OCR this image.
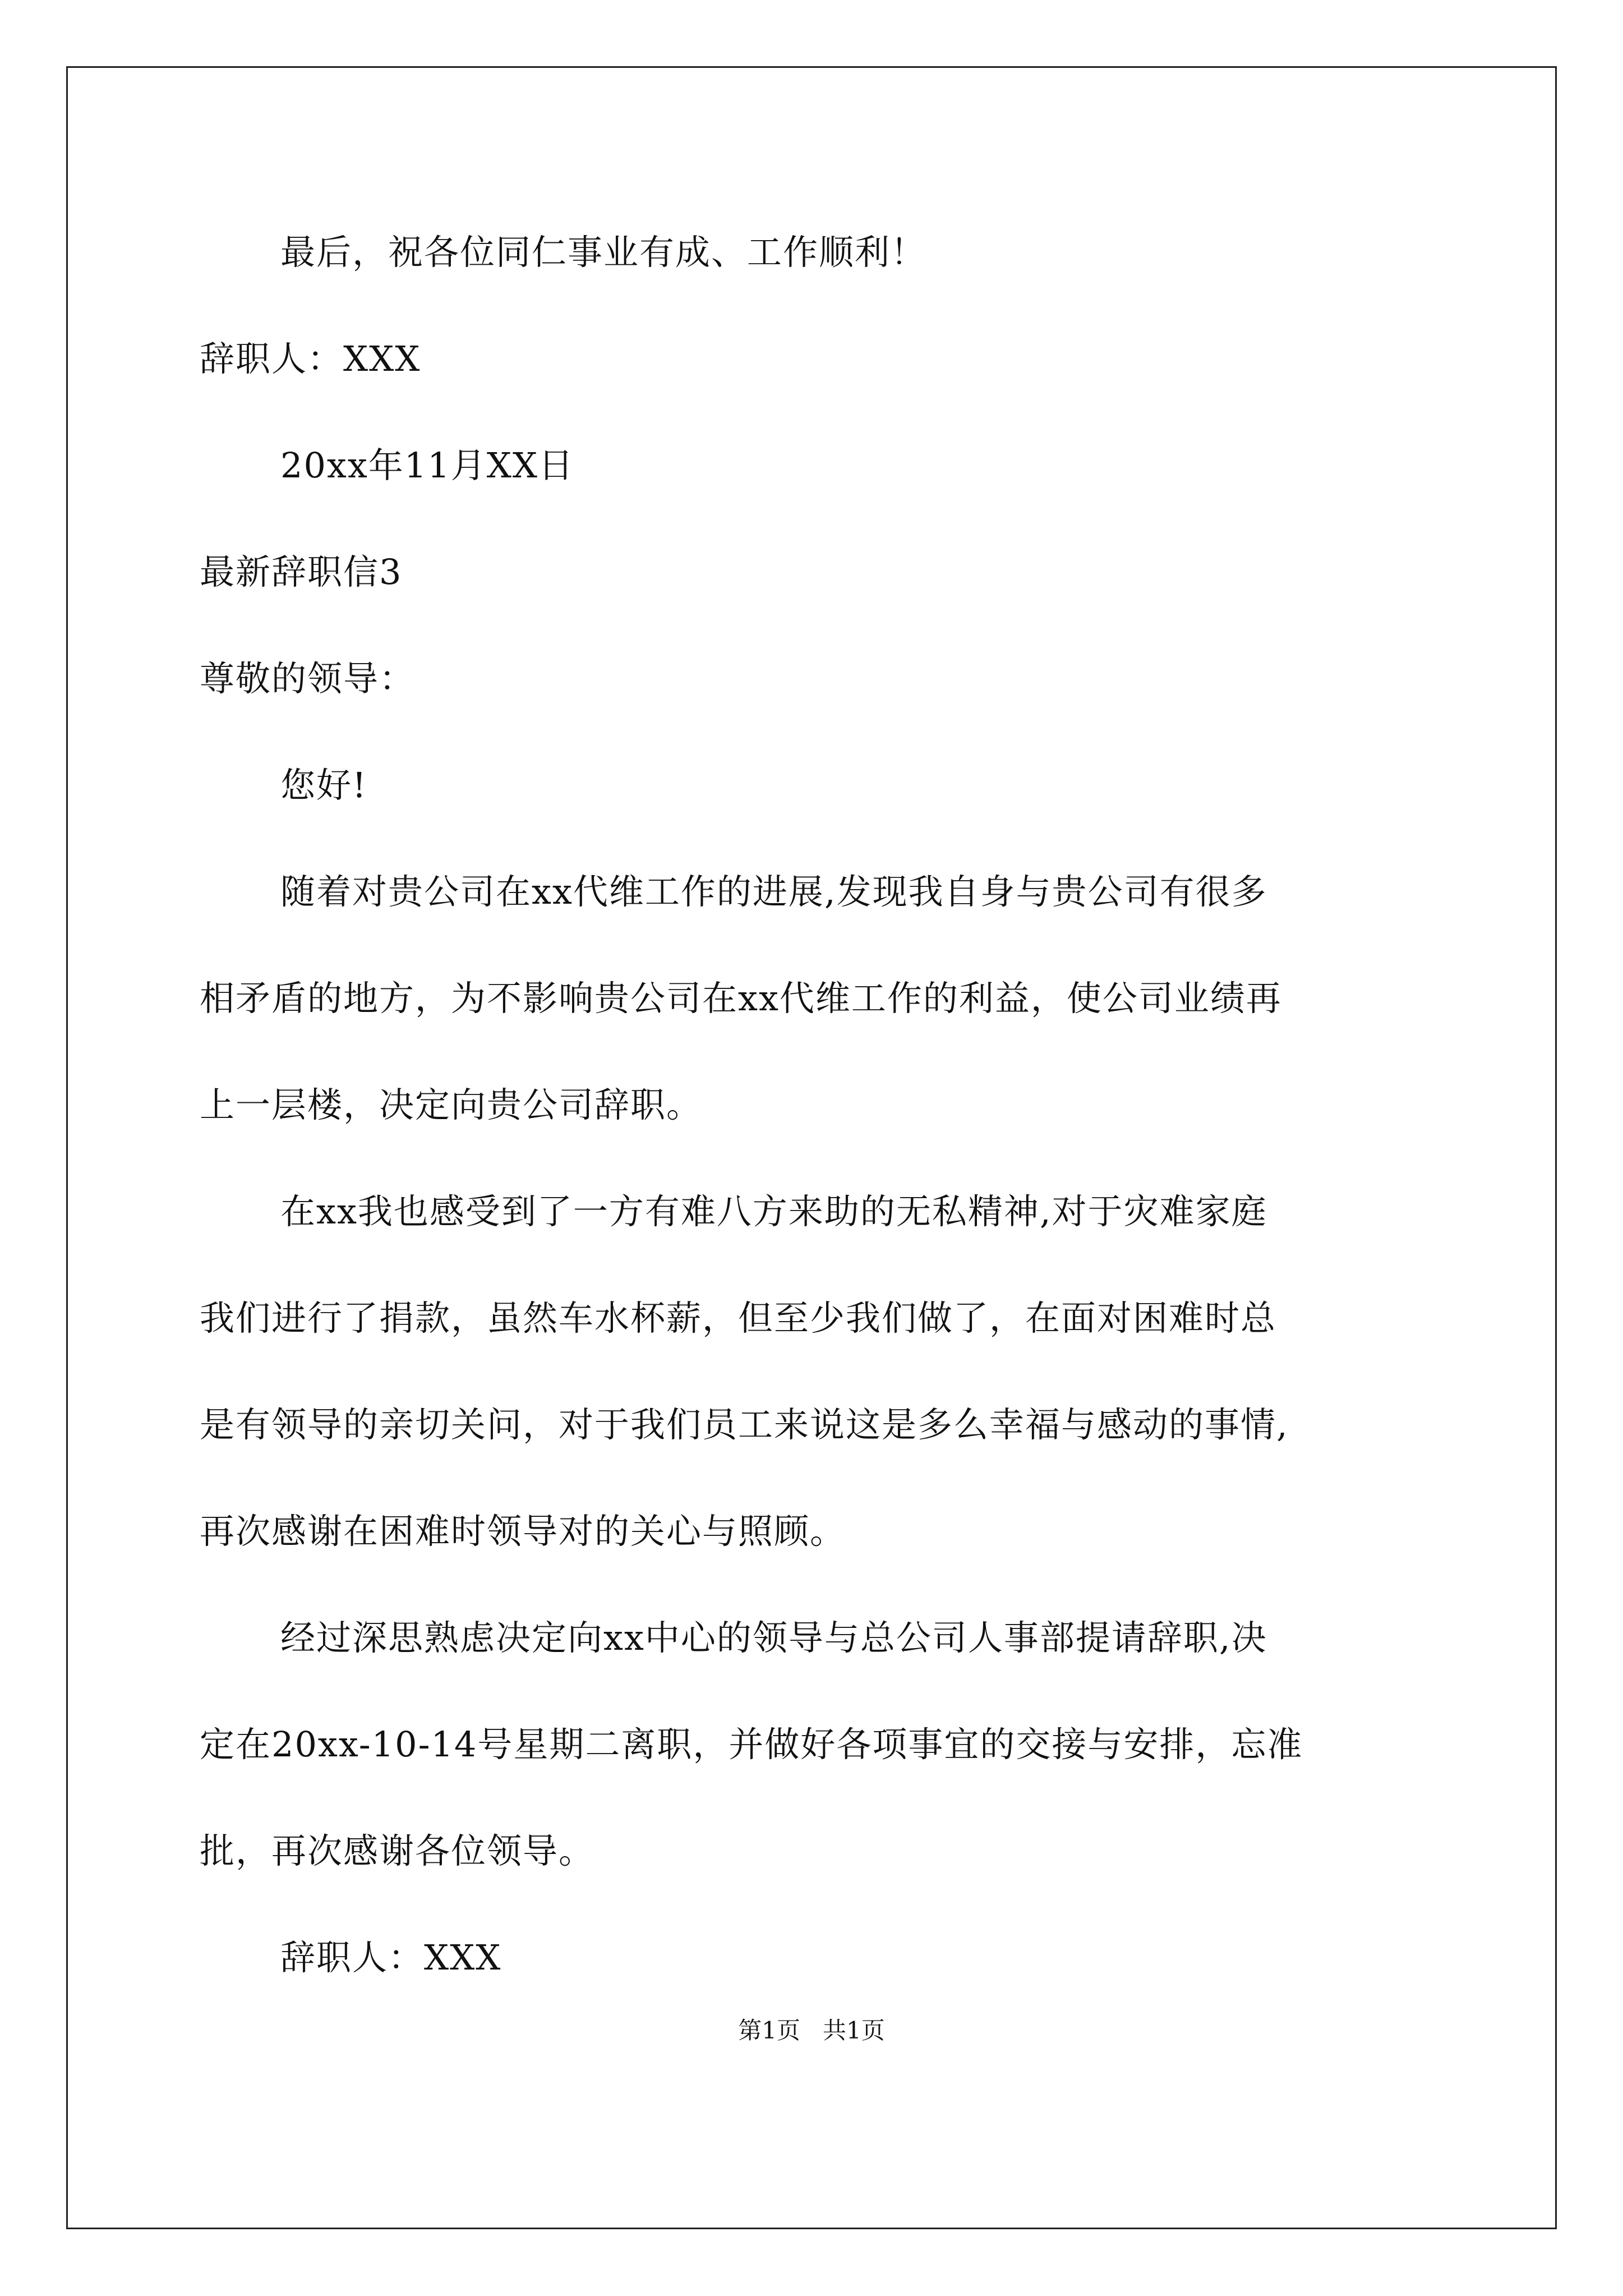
最后，祝各位同仁事业有成、工作顺利！
辞职人：XXX
20xx年11月XX日
最新辞职信3
尊敬的领导：
您好!
随着对贵公司在xx代维工作的进展,发现我自身与贵公司有很多
相矛盾的地方，为不影响贵公司在xx代维工作的利益，使公司业绩再
上一层楼，决定向贵公司辞职。
在xx我也感受到了一方有难八方来助的无私精神,对于灾难家庭
我们进行了捐款，虽然车水杯薪，但至少我们做了，在面对困难时总
是有领导的亲切关问，对于我们员工来说这是多么幸福与感动的事情,
再次感谢在困难时领导对的关心与照顾。
经过深思熟虑决定向xx中心的领导与总公司人事部提请辞职,决
定在20xx-10-14号星期二离职，并做好各项事宜的交接与安排，忘准
批，再次感谢各位领导。
辞职人：XXX
第1页   共1页
